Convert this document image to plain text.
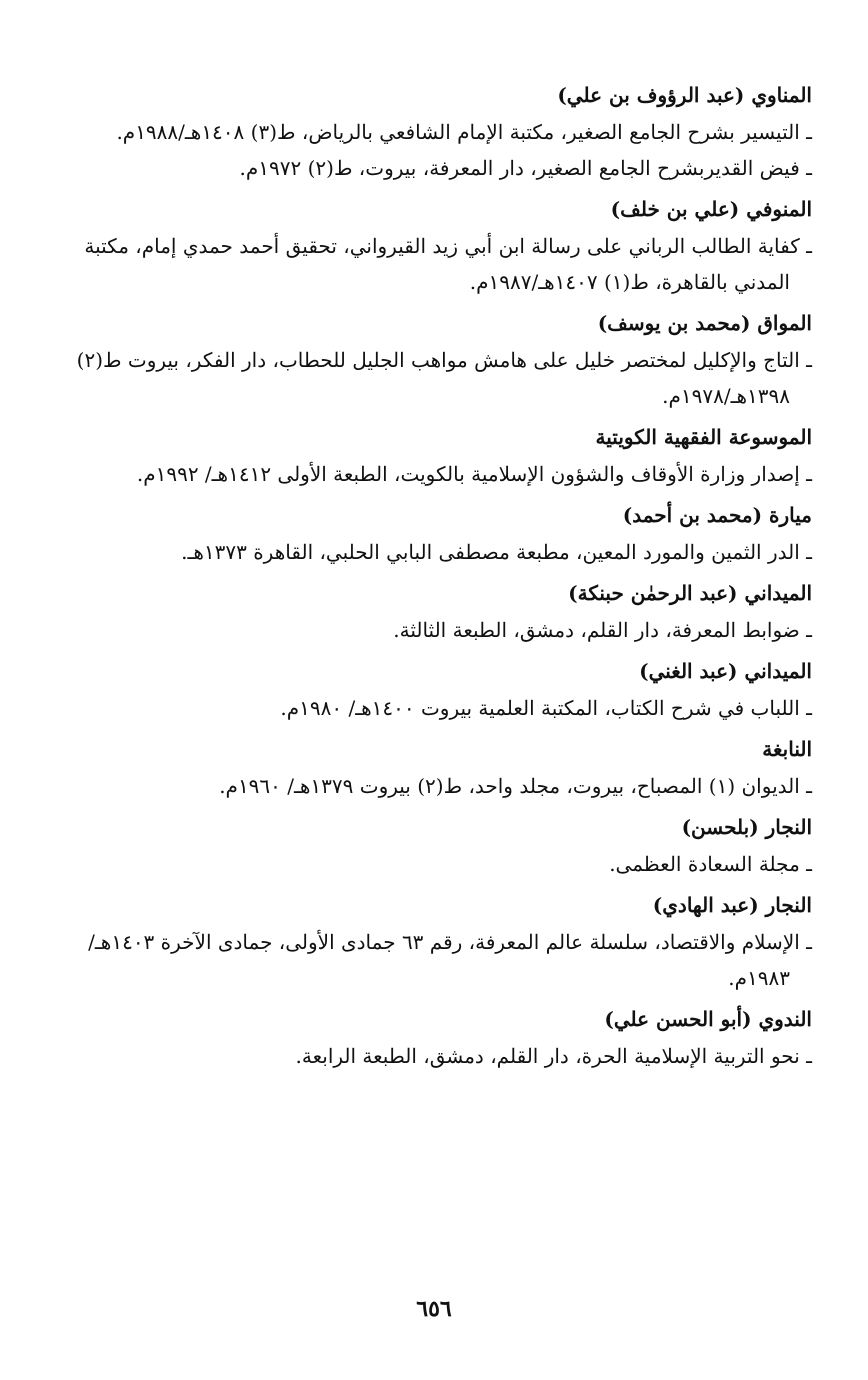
المناوي (عبد الرؤوف بن علي)

ـ التيسير بشرح الجامع الصغير، مكتبة الإمام الشافعي بالرياض، ط(٣) ١٤٠٨هـ/١٩٨٨م.

ـ فيض القديربشرح الجامع الصغير، دار المعرفة، بيروت، ط(٢) ١٩٧٢م.

المنوفي (علي بن خلف)

ـ كفاية الطالب الرباني على رسالة ابن أبي زيد القيرواني، تحقيق أحمد حمدي إمام، مكتبة المدني بالقاهرة، ط(١) ١٤٠٧هـ/١٩٨٧م.

المواق (محمد بن يوسف)

ـ التاج والإكليل لمختصر خليل على هامش مواهب الجليل للحطاب، دار الفكر، بيروت ط(٢) ١٣٩٨هـ/١٩٧٨م.

الموسوعة الفقهية الكويتية

ـ إصدار وزارة الأوقاف والشؤون الإسلامية بالكويت، الطبعة الأولى ١٤١٢هـ/ ١٩٩٢م.

ميارة (محمد بن أحمد)

ـ الدر الثمين والمورد المعين، مطبعة مصطفى البابي الحلبي، القاهرة ١٣٧٣هـ.

الميداني (عبد الرحمٰن حبنكة)

ـ ضوابط المعرفة، دار القلم، دمشق، الطبعة الثالثة.

الميداني (عبد الغني)

ـ اللباب في شرح الكتاب، المكتبة العلمية بيروت ١٤٠٠هـ/ ١٩٨٠م.

النابغة

ـ الديوان (١) المصباح، بيروت، مجلد واحد، ط(٢) بيروت ١٣٧٩هـ/ ١٩٦٠م.

النجار (بلحسن)

ـ مجلة السعادة العظمى.

النجار (عبد الهادي)

ـ الإسلام والاقتصاد، سلسلة عالم المعرفة، رقم ٦٣ جمادى الأولى، جمادى الآخرة ١٤٠٣هـ/ ١٩٨٣م.

الندوي (أبو الحسن علي)

ـ نحو التربية الإسلامية الحرة، دار القلم، دمشق، الطبعة الرابعة.

٦٥٦
